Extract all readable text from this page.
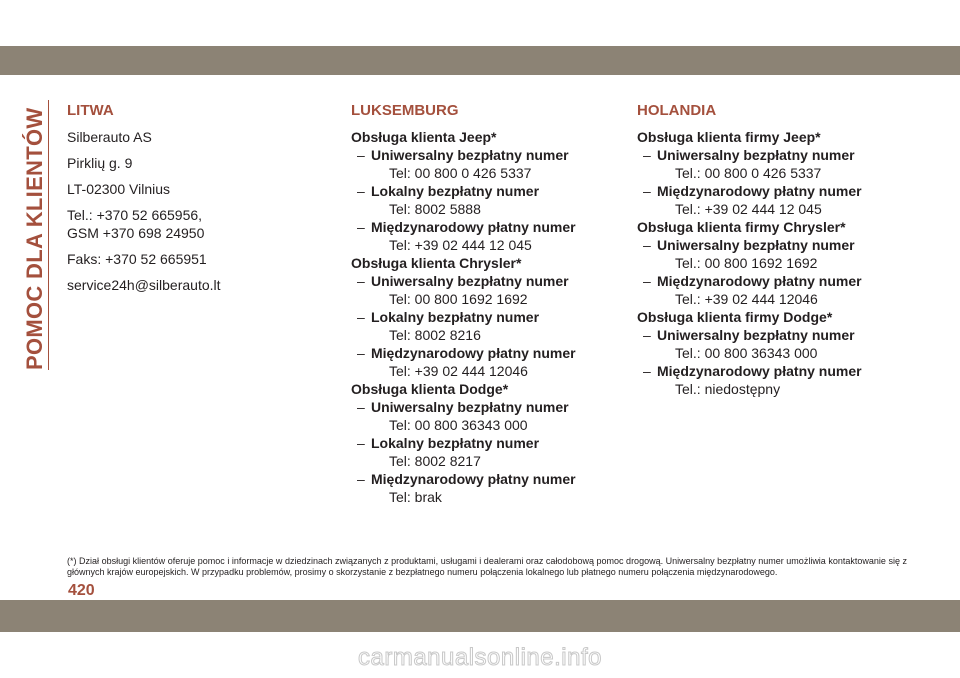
POMOC DLA KLIENTÓW LITWA

Silberauto AS

Pirklių g. 9

LT-02300 Vilnius

Tel.: +370 52 665956,
GSM +370 698 24950

Faks: +370 52 665951

service24h@silberauto.lt

LUKSEMBURG
Obsługa klienta Jeep*
– Uniwersalny bezpłatny numer
Tel: 00 800 0 426 5337
– Lokalny bezpłatny numer
Tel: 8002 5888
– Międzynarodowy płatny numer
Tel: +39 02 444 12 045
Obsługa klienta Chrysler*
– Uniwersalny bezpłatny numer
Tel: 00 800 1692 1692
– Lokalny bezpłatny numer
Tel: 8002 8216
– Międzynarodowy płatny numer
Tel: +39 02 444 12046
Obsługa klienta Dodge*
– Uniwersalny bezpłatny numer
Tel: 00 800 36343 000
– Lokalny bezpłatny numer
Tel: 8002 8217
– Międzynarodowy płatny numer
Tel: brak
HOLANDIA
Obsługa klienta firmy Jeep*
– Uniwersalny bezpłatny numer
Tel.: 00 800 0 426 5337
– Międzynarodowy płatny numer
Tel.: +39 02 444 12 045
Obsługa klienta firmy Chrysler*
– Uniwersalny bezpłatny numer
Tel.: 00 800 1692 1692
– Międzynarodowy płatny numer
Tel.: +39 02 444 12046
Obsługa klienta firmy Dodge*
– Uniwersalny bezpłatny numer
Tel.: 00 800 36343 000
– Międzynarodowy płatny numer
Tel.: niedostępny
(*) Dział obsługi klientów oferuje pomoc i informacje w dziedzinach związanych z produktami, usługami i dealerami oraz całodobową pomoc drogową. Uniwersalny bezpłatny numer umożliwia kontaktowanie się z głównych krajów europejskich. W przypadku problemów, prosimy o skorzystanie z bezpłatnego numeru połączenia lokalnego lub płatnego numeru połączenia międzynarodowego.
420
carmanualsonline.info
